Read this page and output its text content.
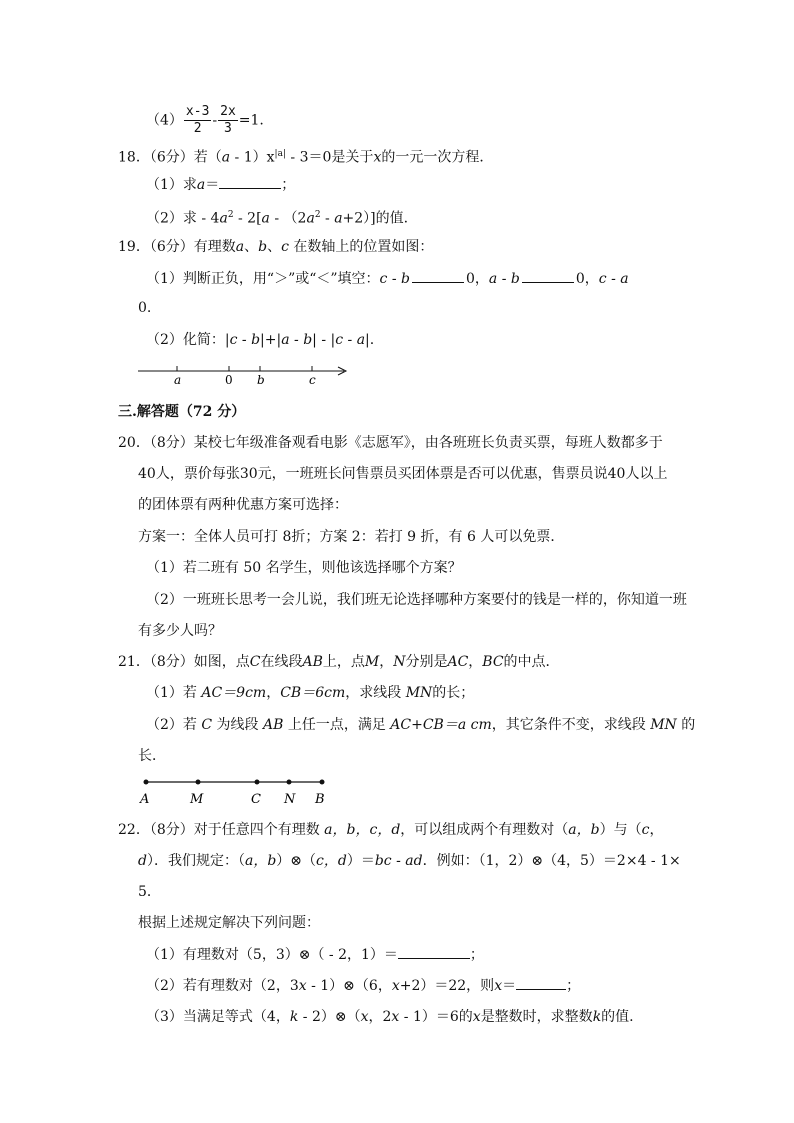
$(4) \frac{x-3}{2} - \frac{2x}{3} =1$.
18．（6分）若$(a - 1)x^{|a|} - 3=0$是关于x的一元一次方程．
（1）求a＝	；
（2）求 - $4a^2 - 2[a - (2a^2 - a+2)]$的值.
19．（6分）有理数a、b、c 在数轴上的位置如图：
（1）判断正负，用“＞”或“＜”填空：c - b	0，a - b	0，c - a
0.
（2）化简：|c - b|+|a - b| - |c - a|.
a	0 b	c
三.解答题（72 分）
20．（8分）某校七年级准备观看电影《志愿军》，由各班班长负责买票，每班人数都多于
40人，票价每张30元，一班班长问售票员买团体票是否可以优惠，售票员说40人以上
的团体票有两种优惠方案可选择：
方案一：全体人员可打 8折；方案 2：若打 9 折，有 6 人可以免票．
（1）若二班有 50 名学生，则他该选择哪个方案？
（2）一班班长思考一会儿说，我们班无论选择哪种方案要付的钱是一样的，你知道一班
有多少人吗？
21．（8分）如图，点C在线段AB上，点M，N分别是AC，BC的中点．
（1）若 AC＝9cm，CB＝6cm，求线段 MN的长；
（2）若 C 为线段 AB 上任一点，满足 AC+CB＝a cm，其它条件不变，求线段 MN 的
长．
A	M	C N B
22．（8分）对于任意四个有理数 a，b，c，d，可以组成两个有理数对（a，b）与（c，
d）．我们规定：（a，b）⊗（c，d）＝bc - ad．例如：（1，2）⊗（4，5）＝2×4 - 1×
5．
根据上述规定解决下列问题：
（1）有理数对（5，3）⊗（ - 2，1）＝	；
（2）若有理数对（2，3x - 1）⊗（6，x+2）＝22，则x＝	；
（3）当满足等式（4，k - 2）⊗（x，2x - 1）＝6的x是整数时，求整数k的值.
